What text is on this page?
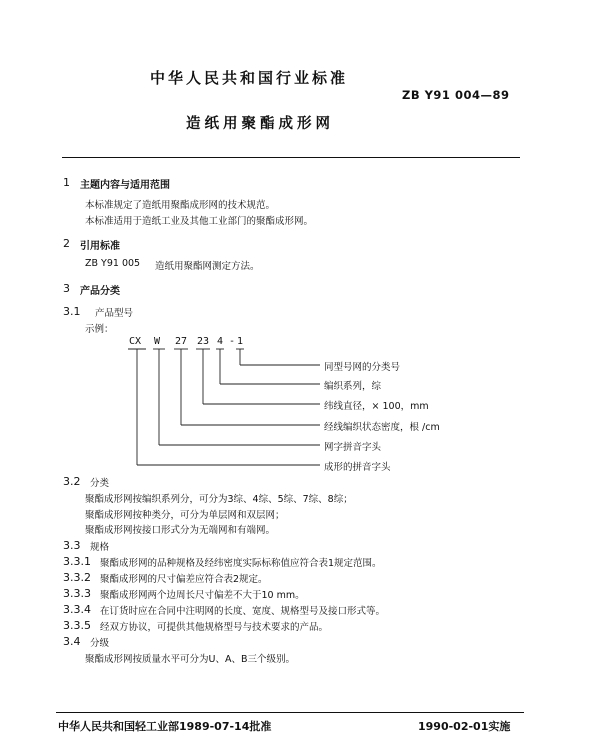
中华人民共和国行业标准
ZB Y91 004—89
造纸用聚酯成形网
1 主题内容与适用范围
本标准规定了造纸用聚酯成形网的技术规范。
本标准适用于造纸工业及其他工业部门的聚酯成形网。
2 引用标准
ZB Y91 005 造纸用聚酯网测定方法。
3 产品分类
3.1 产品型号
示例：
CX W 27 23 4 - 1
同型号网的分类号
编织系列，综
纬线直径，× 100，mm
经线编织状态密度，根 /cm
网字拼音字头
成形的拼音字头
3.2 分类
聚酯成形网按编织系列分，可分为3综、4综、5综、7综、8综；
聚酯成形网按种类分，可分为单层网和双层网；
聚酯成形网按接口形式分为无端网和有端网。
3.3 规格
3.3.1 聚酯成形网的品种规格及经纬密度实际标称值应符合表1规定范围。
3.3.2 聚酯成形网的尺寸偏差应符合表2规定。
3.3.3 聚酯成形网两个边周长尺寸偏差不大于10 mm。
3.3.4 在订货时应在合同中注明网的长度、宽度、规格型号及接口形式等。
3.3.5 经双方协议，可提供其他规格型号与技术要求的产品。
3.4 分级
聚酯成形网按质量水平可分为U、A、B三个级别。
中华人民共和国轻工业部1989-07-14批准	1990-02-01实施
